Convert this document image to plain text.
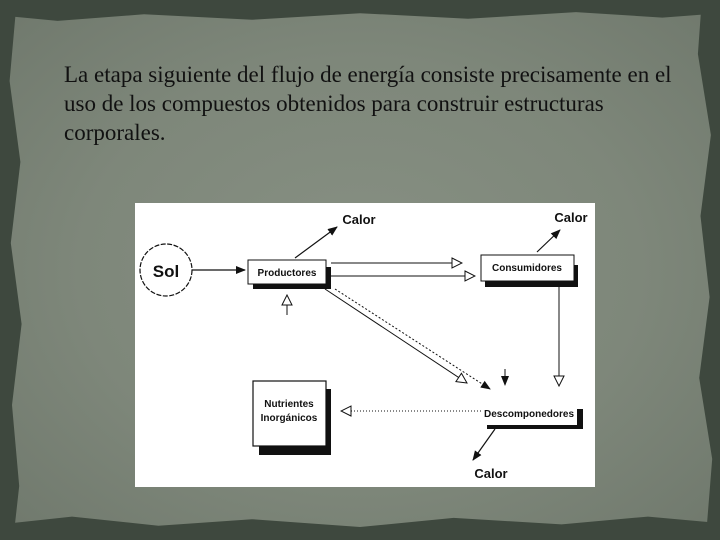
La etapa siguiente del flujo de energía consiste precisamente en el uso de los compuestos obtenidos para construir estructuras corporales.

Sol	Productores	Consumidores
Descomponedores
Nutrientes
Inorgánicos
Calor	Calor
Calor
